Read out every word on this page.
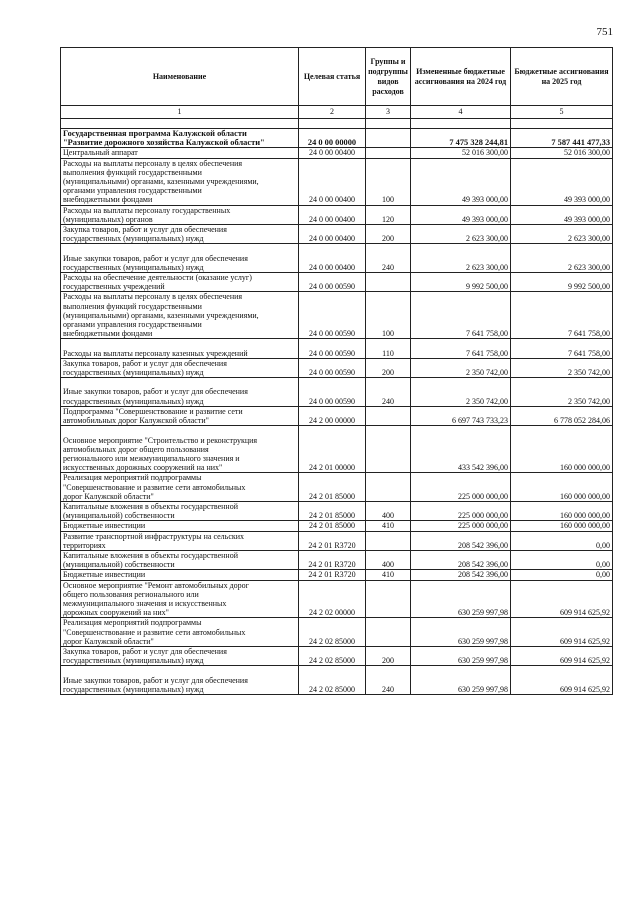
751
Наименование	Целевая статья	Группы и подгруппы видов расходов	Измененные бюджетные ассигнования на 2024 год	Бюджетные ассигнования на 2025 год
1	2	3	4	5

Государственная программа Калужской области
"Развитие дорожного хозяйства Калужской области"	24 0 00 00000		7 475 328 244,81	7 587 441 477,33
Центральный аппарат	24 0 00 00400		52 016 300,00	52 016 300,00
Расходы на выплаты персоналу в целях обеспечения
выполнения функций государственными
(муниципальными) органами, казенными учреждениями,
органами управления государственными
внебюджетными фондами	24 0 00 00400	100	49 393 000,00	49 393 000,00
Расходы на выплаты персоналу государственных
(муниципальных) органов	24 0 00 00400	120	49 393 000,00	49 393 000,00
Закупка товаров, работ и услуг для обеспечения
государственных (муниципальных) нужд	24 0 00 00400	200	2 623 300,00	2 623 300,00

Иные закупки товаров, работ и услуг для обеспечения
государственных (муниципальных) нужд	24 0 00 00400	240	2 623 300,00	2 623 300,00
Расходы на обеспечение деятельности (оказание услуг)
государственных учреждений	24 0 00 00590		9 992 500,00	9 992 500,00
Расходы на выплаты персоналу в целях обеспечения
выполнения функций государственными
(муниципальными) органами, казенными учреждениями,
органами управления государственными
внебюджетными фондами	24 0 00 00590	100	7 641 758,00	7 641 758,00

Расходы на выплаты персоналу казенных учреждений	24 0 00 00590	110	7 641 758,00	7 641 758,00
Закупка товаров, работ и услуг для обеспечения
государственных (муниципальных) нужд	24 0 00 00590	200	2 350 742,00	2 350 742,00

Иные закупки товаров, работ и услуг для обеспечения
государственных (муниципальных) нужд	24 0 00 00590	240	2 350 742,00	2 350 742,00
Подпрограмма "Совершенствование и развитие сети
автомобильных дорог Калужской области"	24 2 00 00000		6 697 743 733,23	6 778 052 284,06

Основное мероприятие "Строительство и реконструкция
автомобильных дорог общего пользования
регионального или межмуниципального значения и
искусственных дорожных сооружений на них"	24 2 01 00000		433 542 396,00	160 000 000,00
Реализация мероприятий подпрограммы
"Совершенствование и развитие сети автомобильных
дорог Калужской области"	24 2 01 85000		225 000 000,00	160 000 000,00
Капитальные вложения в объекты государственной
(муниципальной) собственности	24 2 01 85000	400	225 000 000,00	160 000 000,00
Бюджетные инвестиции	24 2 01 85000	410	225 000 000,00	160 000 000,00
Развитие транспортной инфраструктуры на сельских
территориях	24 2 01 R3720		208 542 396,00	0,00
Капитальные вложения в объекты государственной
(муниципальной) собственности	24 2 01 R3720	400	208 542 396,00	0,00
Бюджетные инвестиции	24 2 01 R3720	410	208 542 396,00	0,00
Основное мероприятие "Ремонт автомобильных дорог
общего пользования регионального или
межмуниципального значения и искусственных
дорожных сооружений на них"	24 2 02 00000		630 259 997,98	609 914 625,92
Реализация мероприятий подпрограммы
"Совершенствование и развитие сети автомобильных
дорог Калужской области"	24 2 02 85000		630 259 997,98	609 914 625,92
Закупка товаров, работ и услуг для обеспечения
государственных (муниципальных) нужд	24 2 02 85000	200	630 259 997,98	609 914 625,92

Иные закупки товаров, работ и услуг для обеспечения
государственных (муниципальных) нужд	24 2 02 85000	240	630 259 997,98	609 914 625,92
